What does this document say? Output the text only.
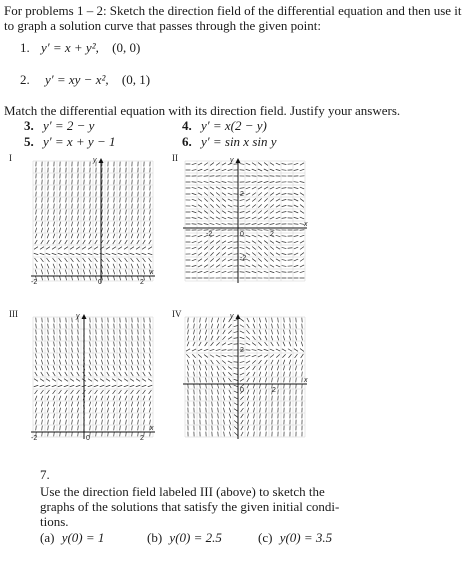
For problems 1 – 2: Sketch the direction field of the differential equation and then use it
to graph a solution curve that passes through the given point:
1. y′ = x + y², (0, 0)
2. y′ = xy − x², (0, 1)
Match the differential equation with its direction field. Justify your answers.
3. y′ = 2 − y	4. y′ = x(2 − y)
5. y′ = x + y − 1	6. y′ = sin x sin y
I	II
III	IV
y
x
-2	0	2
y
x
-2	0	2
2
-2
y
x
-2	0	2
y
x
0	2
2
7.
Use the direction field labeled III (above) to sketch the
graphs of the solutions that satisfy the given initial condi-
tions.
(a) y(0) = 1	(b) y(0) = 2.5	(c) y(0) = 3.5
